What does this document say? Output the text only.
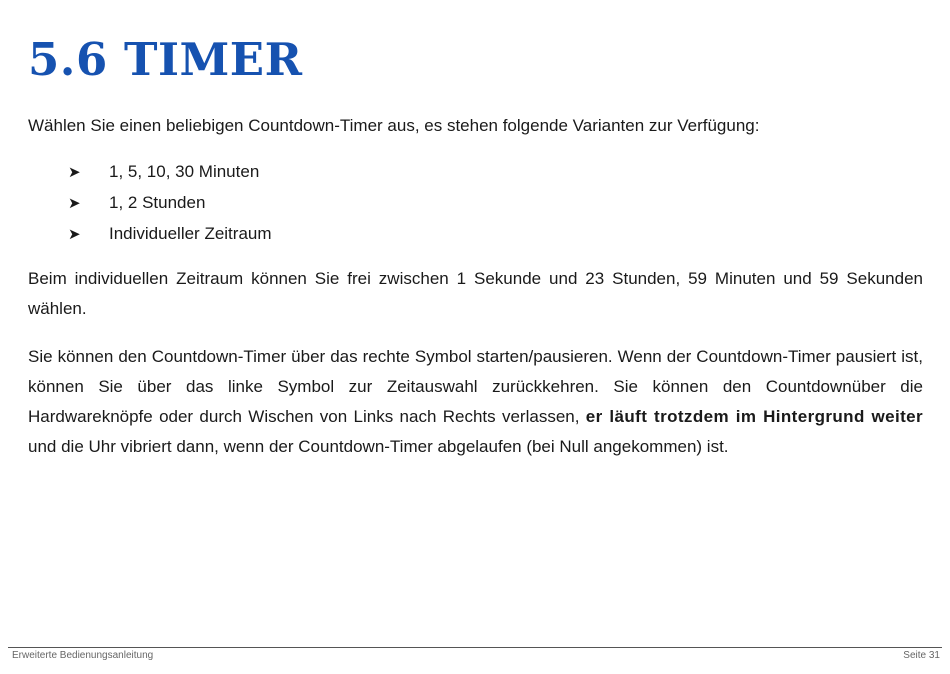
5.6 TIMER

Wählen Sie einen beliebigen Countdown-Timer aus, es stehen folgende Varianten zur Verfügung:

➤	1, 5, 10, 30 Minuten
➤	1, 2 Stunden
➤	Individueller Zeitraum

Beim individuellen Zeitraum können Sie frei zwischen 1 Sekunde und 23 Stunden, 59 Minuten und 59 Sekunden wählen.

Sie können den Countdown-Timer über das rechte Symbol starten/pausieren. Wenn der Countdown-Timer pausiert ist, können Sie über das linke Symbol zur Zeitauswahl zurückkehren. Sie können den Countdownüber die Hardwareknöpfe oder durch Wischen von Links nach Rechts verlassen, er läuft trotzdem im Hintergrund weiter und die Uhr vibriert dann, wenn der Countdown-Timer abgelaufen (bei Null angekommen) ist.

Erweiterte Bedienungsanleitung	Seite 31
